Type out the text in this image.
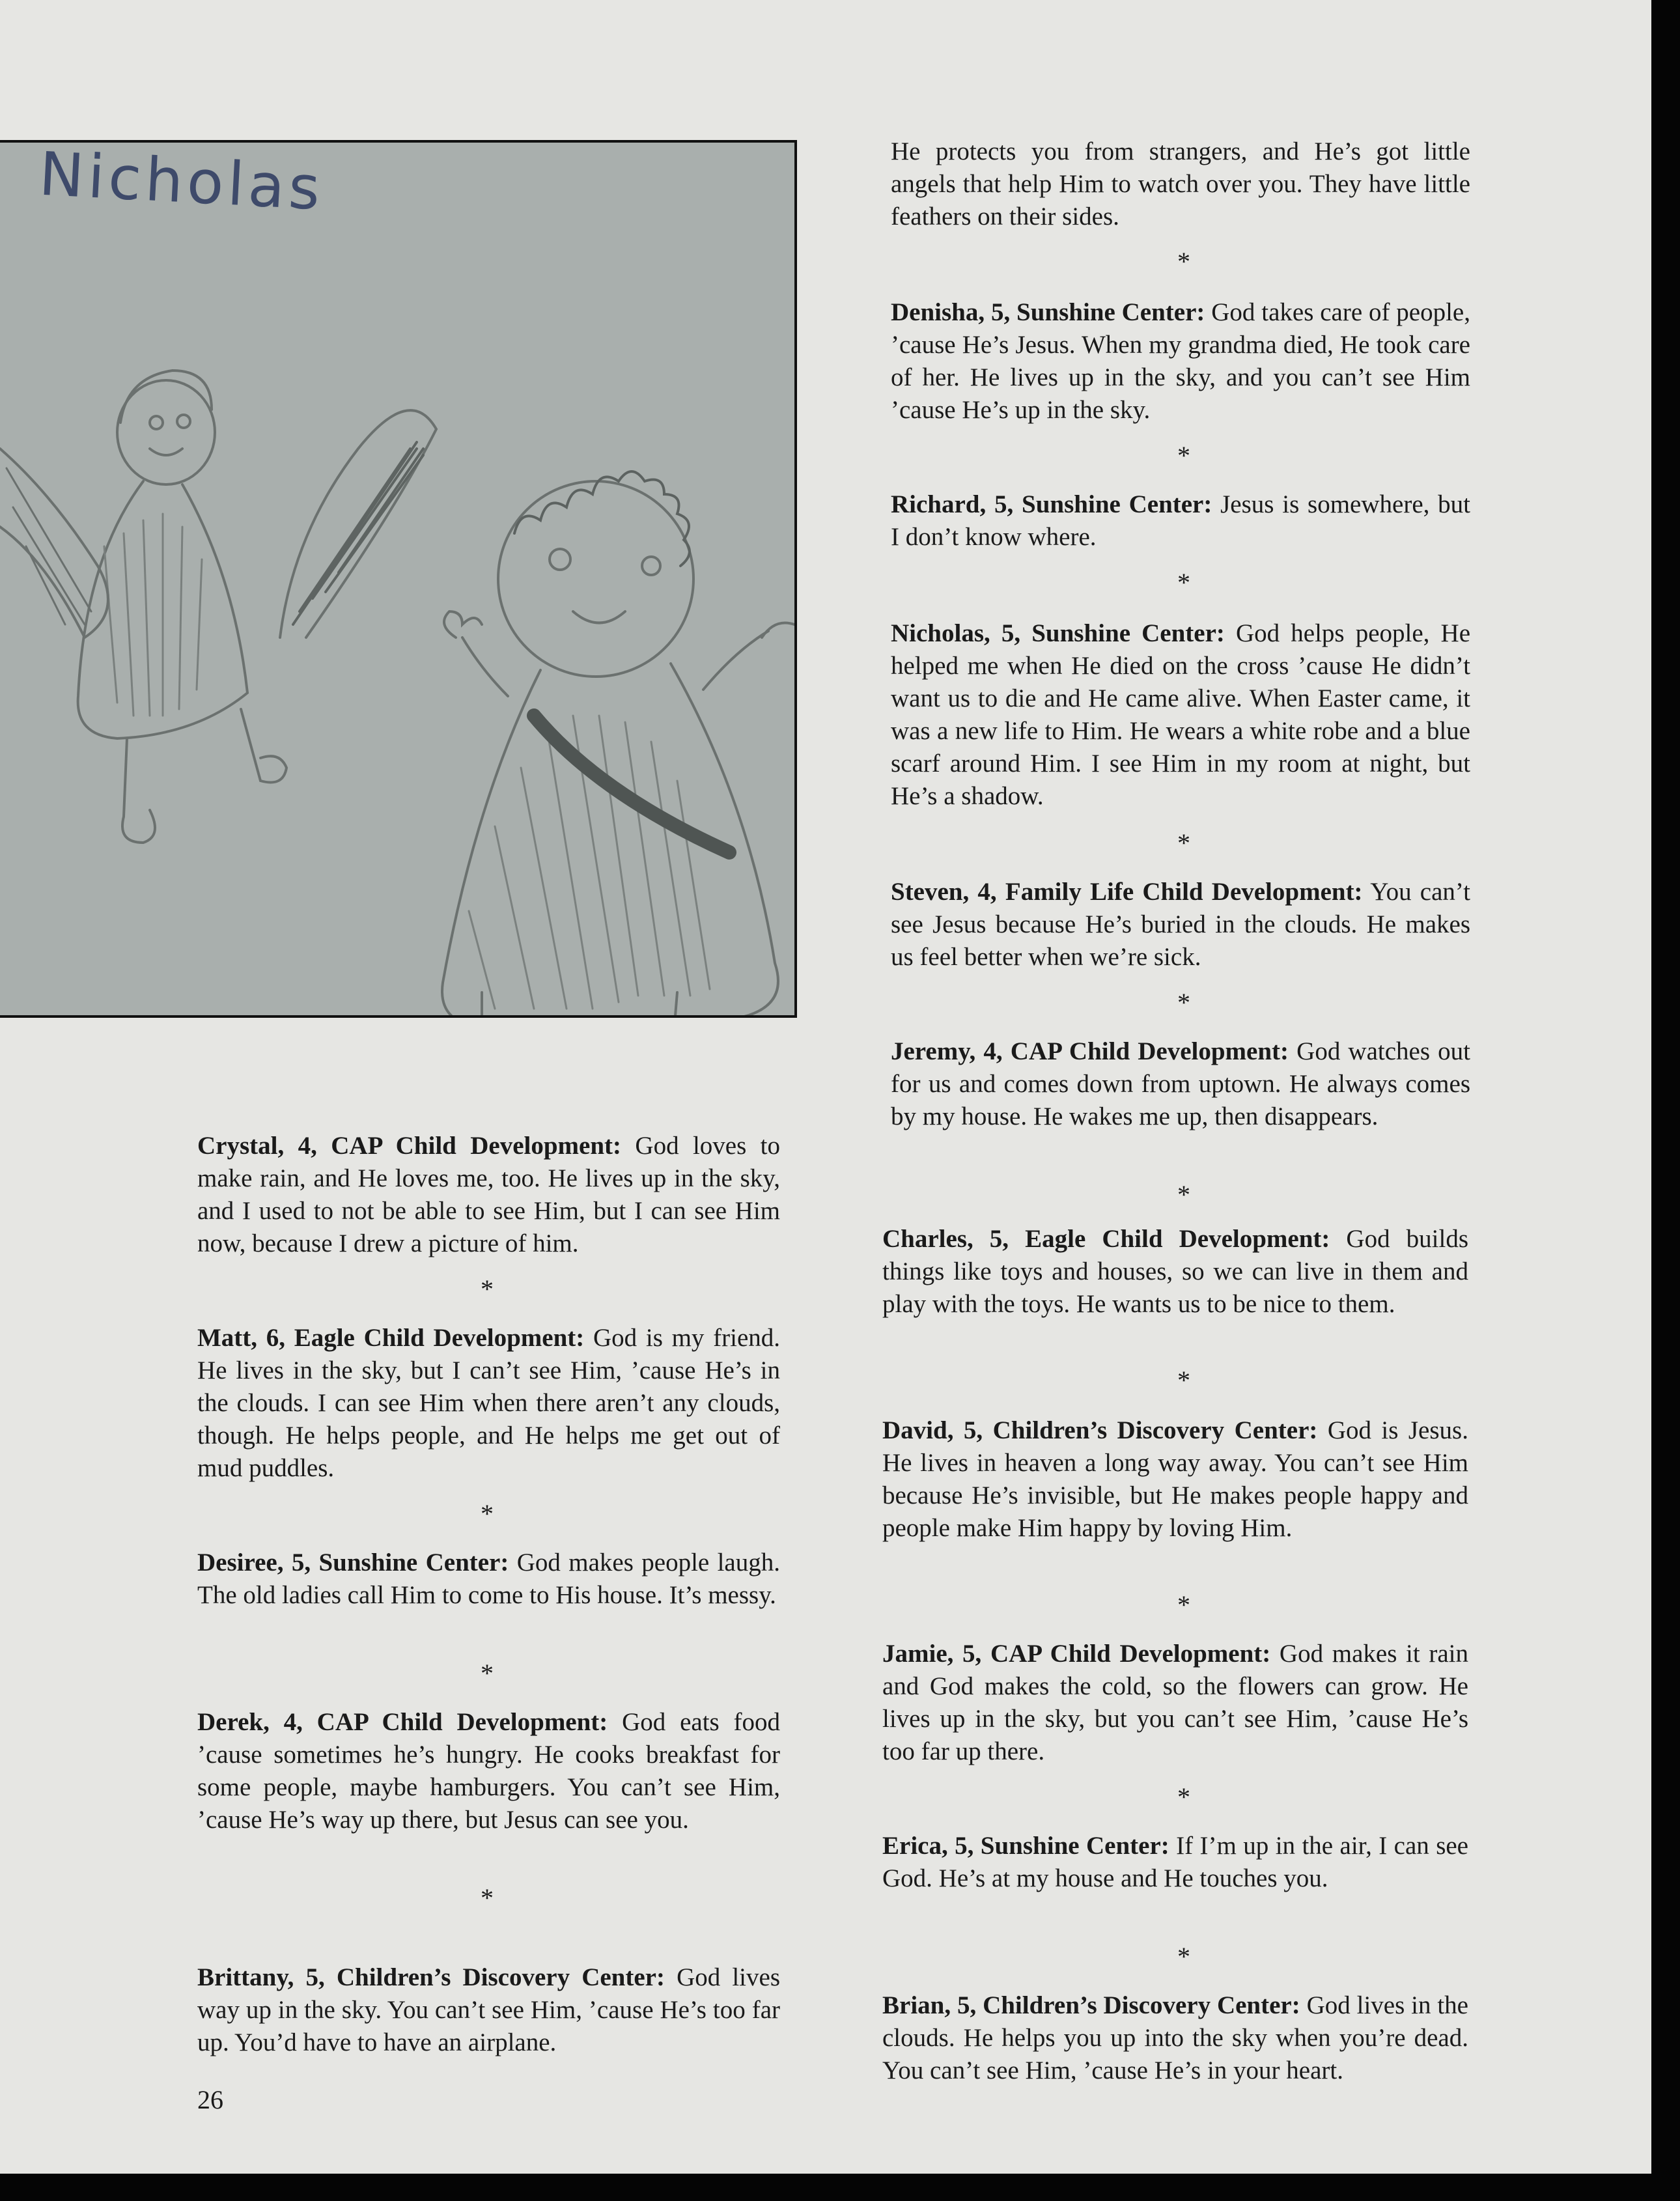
Nicholas

Crystal, 4, CAP Child Development: God loves to make rain, and He loves me, too. He lives up in the sky, and I used to not be able to see Him, but I can see Him now, because I drew a picture of him.

*

Matt, 6, Eagle Child Development: God is my friend. He lives in the sky, but I can’t see Him, ’cause He’s in the clouds. I can see Him when there aren’t any clouds, though. He helps people, and He helps me get out of mud puddles.

*

Desiree, 5, Sunshine Center: God makes people laugh. The old ladies call Him to come to His house. It’s messy.

*

Derek, 4, CAP Child Development: God eats food ’cause sometimes he’s hungry. He cooks breakfast for some people, maybe hamburgers. You can’t see Him, ’cause He’s way up there, but Jesus can see you.

*

Brittany, 5, Children’s Discovery Center: God lives way up in the sky. You can’t see Him, ’cause He’s too far up. You’d have to have an airplane.

26

He protects you from strangers, and He’s got little angels that help Him to watch over you. They have little feathers on their sides.

*

Denisha, 5, Sunshine Center: God takes care of people, ’cause He’s Jesus. When my grandma died, He took care of her. He lives up in the sky, and you can’t see Him ’cause He’s up in the sky.

*

Richard, 5, Sunshine Center: Jesus is somewhere, but I don’t know where.

*

Nicholas, 5, Sunshine Center: God helps people, He helped me when He died on the cross ’cause He didn’t want us to die and He came alive. When Easter came, it was a new life to Him. He wears a white robe and a blue scarf around Him. I see Him in my room at night, but He’s a shadow.

*

Steven, 4, Family Life Child Development: You can’t see Jesus because He’s buried in the clouds. He makes us feel better when we’re sick.

*

Jeremy, 4, CAP Child Development: God watches out for us and comes down from uptown. He always comes by my house. He wakes me up, then disappears.

*

Charles, 5, Eagle Child Development: God builds things like toys and houses, so we can live in them and play with the toys. He wants us to be nice to them.

*

David, 5, Children’s Discovery Center: God is Jesus. He lives in heaven a long way away. You can’t see Him because He’s invisible, but He makes people happy and people make Him happy by loving Him.

*

Jamie, 5, CAP Child Development: God makes it rain and God makes the cold, so the flowers can grow. He lives up in the sky, but you can’t see Him, ’cause He’s too far up there.

*

Erica, 5, Sunshine Center: If I’m up in the air, I can see God. He’s at my house and He touches you.

*

Brian, 5, Children’s Discovery Center: God lives in the clouds. He helps you up into the sky when you’re dead. You can’t see Him, ’cause He’s in your heart.
